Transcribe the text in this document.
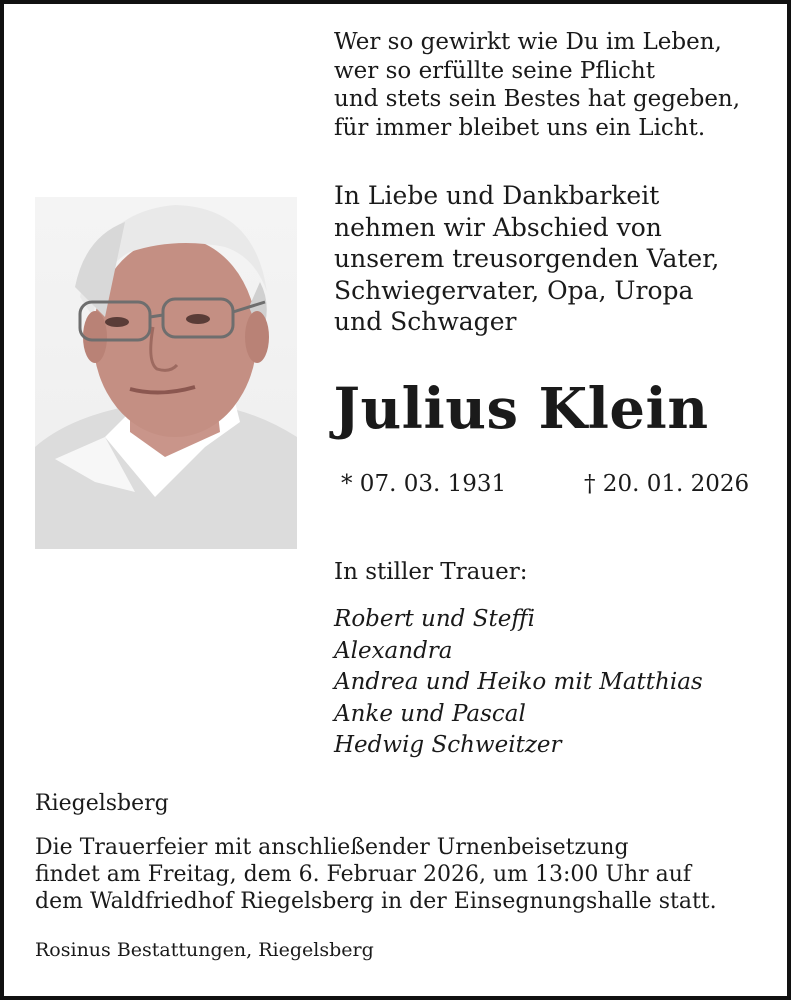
Wer so gewirkt wie Du im Leben,
wer so erfüllte seine Pflicht
und stets sein Bestes hat gegeben,
für immer bleibet uns ein Licht.
In Liebe und Dankbarkeit
nehmen wir Abschied von
unserem treusorgenden Vater,
Schwiegervater, Opa, Uropa
und Schwager
Julius Klein
* 07. 03. 1931	† 20. 01. 2026
In stiller Trauer:
Robert und Steffi
Alexandra
Andrea und Heiko mit Matthias
Anke und Pascal
Hedwig Schweitzer
Riegelsberg
Die Trauerfeier mit anschließender Urnenbeisetzung
findet am Freitag, dem 6. Februar 2026, um 13:00 Uhr auf
dem Waldfriedhof Riegelsberg in der Einsegnungshalle statt.
Rosinus Bestattungen, Riegelsberg
